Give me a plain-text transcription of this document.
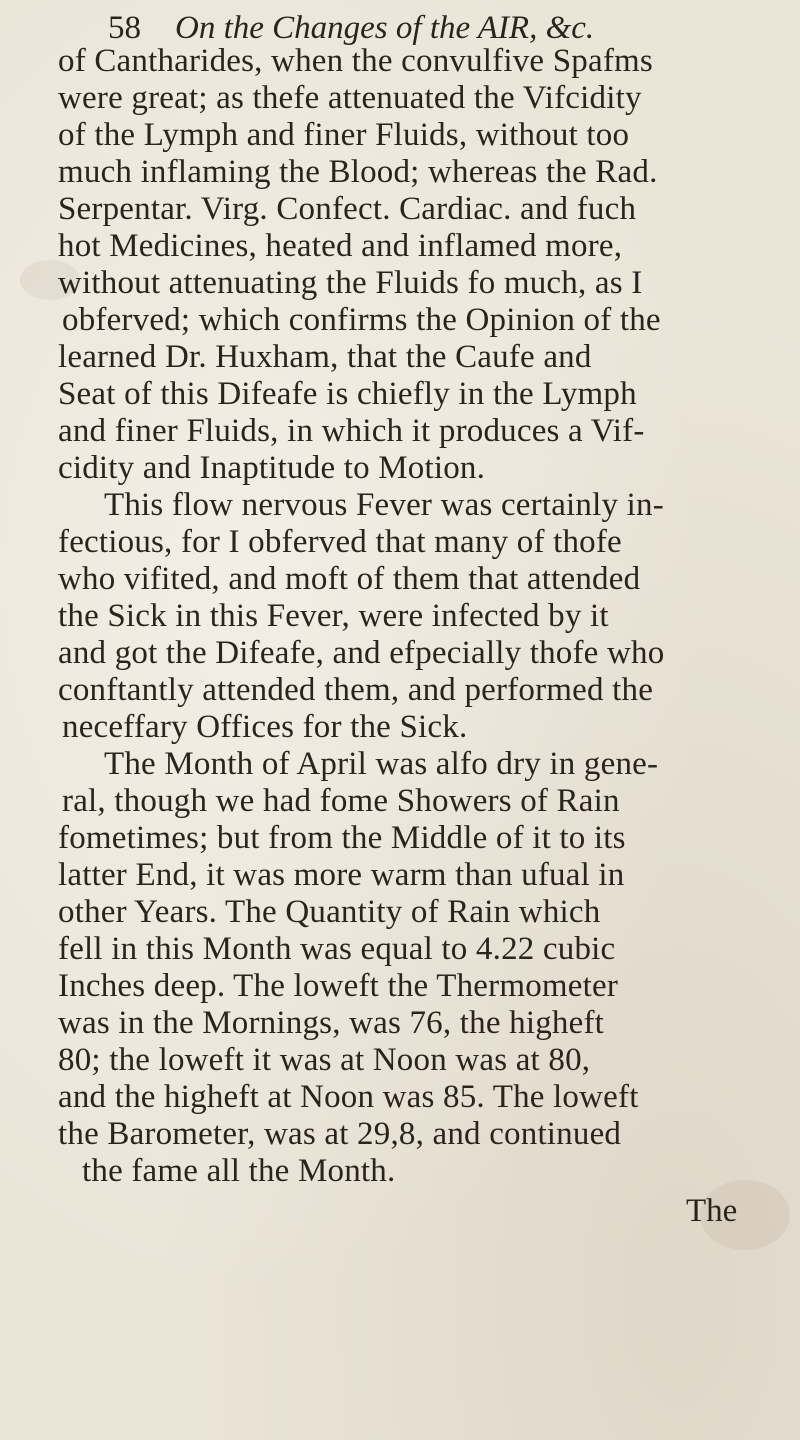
58 On the Changes of the AIR, &c.
of Cantharides, when the convulfive Spafms
were great; as thefe attenuated the Vifcidity
of the Lymph and finer Fluids, without too
much inflaming the Blood; whereas the Rad.
Serpentar. Virg. Confect. Cardiac. and fuch
hot Medicines, heated and inflamed more,
without attenuating the Fluids fo much, as I
obferved; which confirms the Opinion of the
learned Dr. Huxham, that the Caufe and
Seat of this Difeafe is chiefly in the Lymph
and finer Fluids, in which it produces a Vif-
cidity and Inaptitude to Motion.
This flow nervous Fever was certainly in-
fectious, for I obferved that many of thofe
who vifited, and moft of them that attended
the Sick in this Fever, were infected by it
and got the Difeafe, and efpecially thofe who
conftantly attended them, and performed the
neceffary Offices for the Sick.
The Month of April was alfo dry in gene-
ral, though we had fome Showers of Rain
fometimes; but from the Middle of it to its
latter End, it was more warm than ufual in
other Years. The Quantity of Rain which
fell in this Month was equal to 4.22 cubic
Inches deep. The loweft the Thermometer
was in the Mornings, was 76, the higheft
80; the loweft it was at Noon was at 80,
and the higheft at Noon was 85. The loweft
the Barometer, was at 29,8, and continued
the fame all the Month.
The
